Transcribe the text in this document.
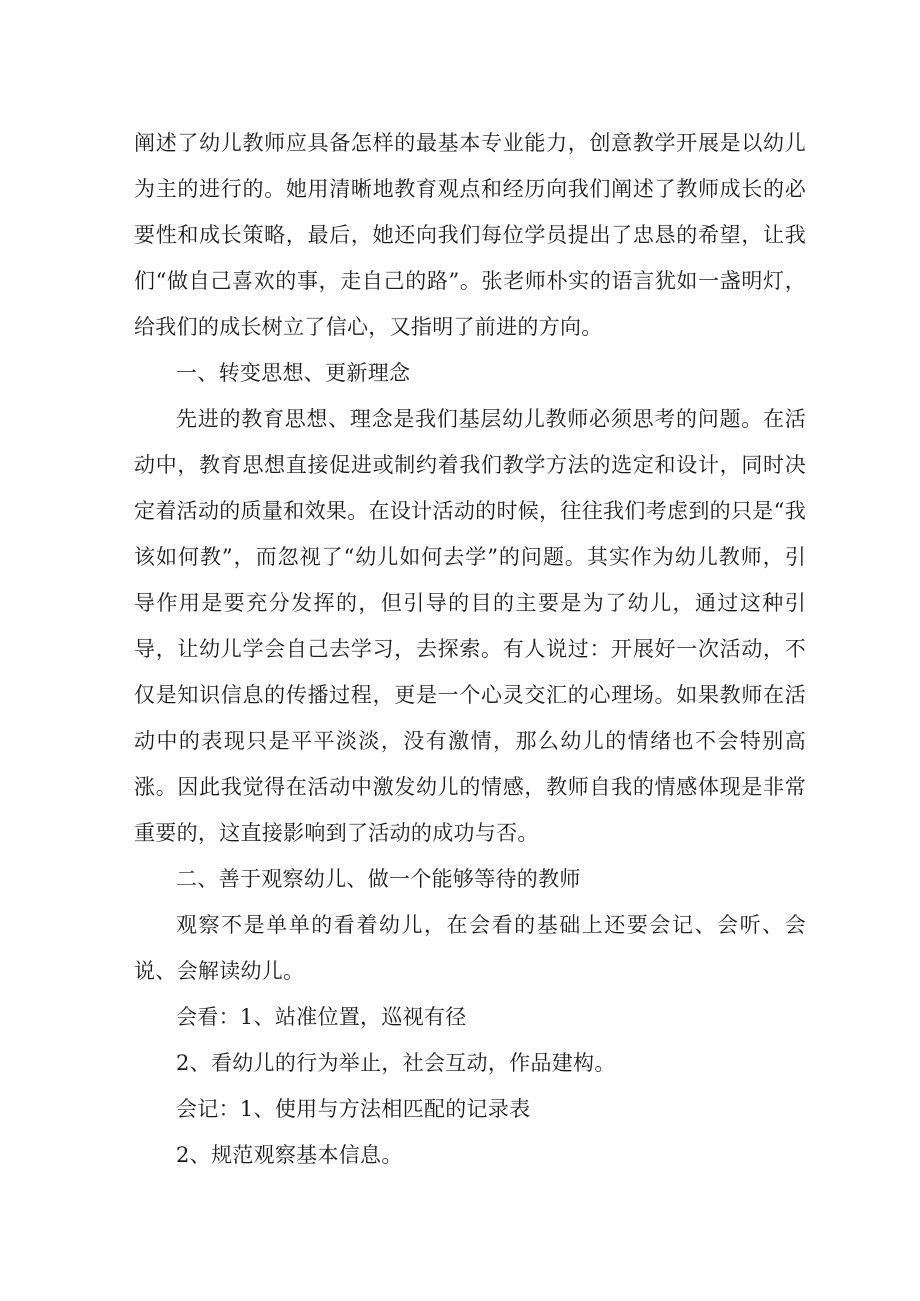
阐述了幼儿教师应具备怎样的最基本专业能力，创意教学开展是以幼儿为主的进行的。她用清晰地教育观点和经历向我们阐述了教师成长的必要性和成长策略，最后，她还向我们每位学员提出了忠恳的希望，让我们“做自己喜欢的事，走自己的路”。张老师朴实的语言犹如一盏明灯，给我们的成长树立了信心，又指明了前进的方向。

一、转变思想、更新理念

先进的教育思想、理念是我们基层幼儿教师必须思考的问题。在活动中，教育思想直接促进或制约着我们教学方法的选定和设计，同时决定着活动的质量和效果。在设计活动的时候，往往我们考虑到的只是“我该如何教”，而忽视了“幼儿如何去学”的问题。其实作为幼儿教师，引导作用是要充分发挥的，但引导的目的主要是为了幼儿，通过这种引导，让幼儿学会自己去学习，去探索。有人说过：开展好一次活动，不仅是知识信息的传播过程，更是一个心灵交汇的心理场。如果教师在活动中的表现只是平平淡淡，没有激情，那么幼儿的情绪也不会特别高涨。因此我觉得在活动中激发幼儿的情感，教师自我的情感体现是非常重要的，这直接影响到了活动的成功与否。

二、善于观察幼儿、做一个能够等待的教师

观察不是单单的看着幼儿，在会看的基础上还要会记、会听、会说、会解读幼儿。

会看：1、站准位置，巡视有径

2、看幼儿的行为举止，社会互动，作品建构。

会记：1、使用与方法相匹配的记录表

2、规范观察基本信息。
